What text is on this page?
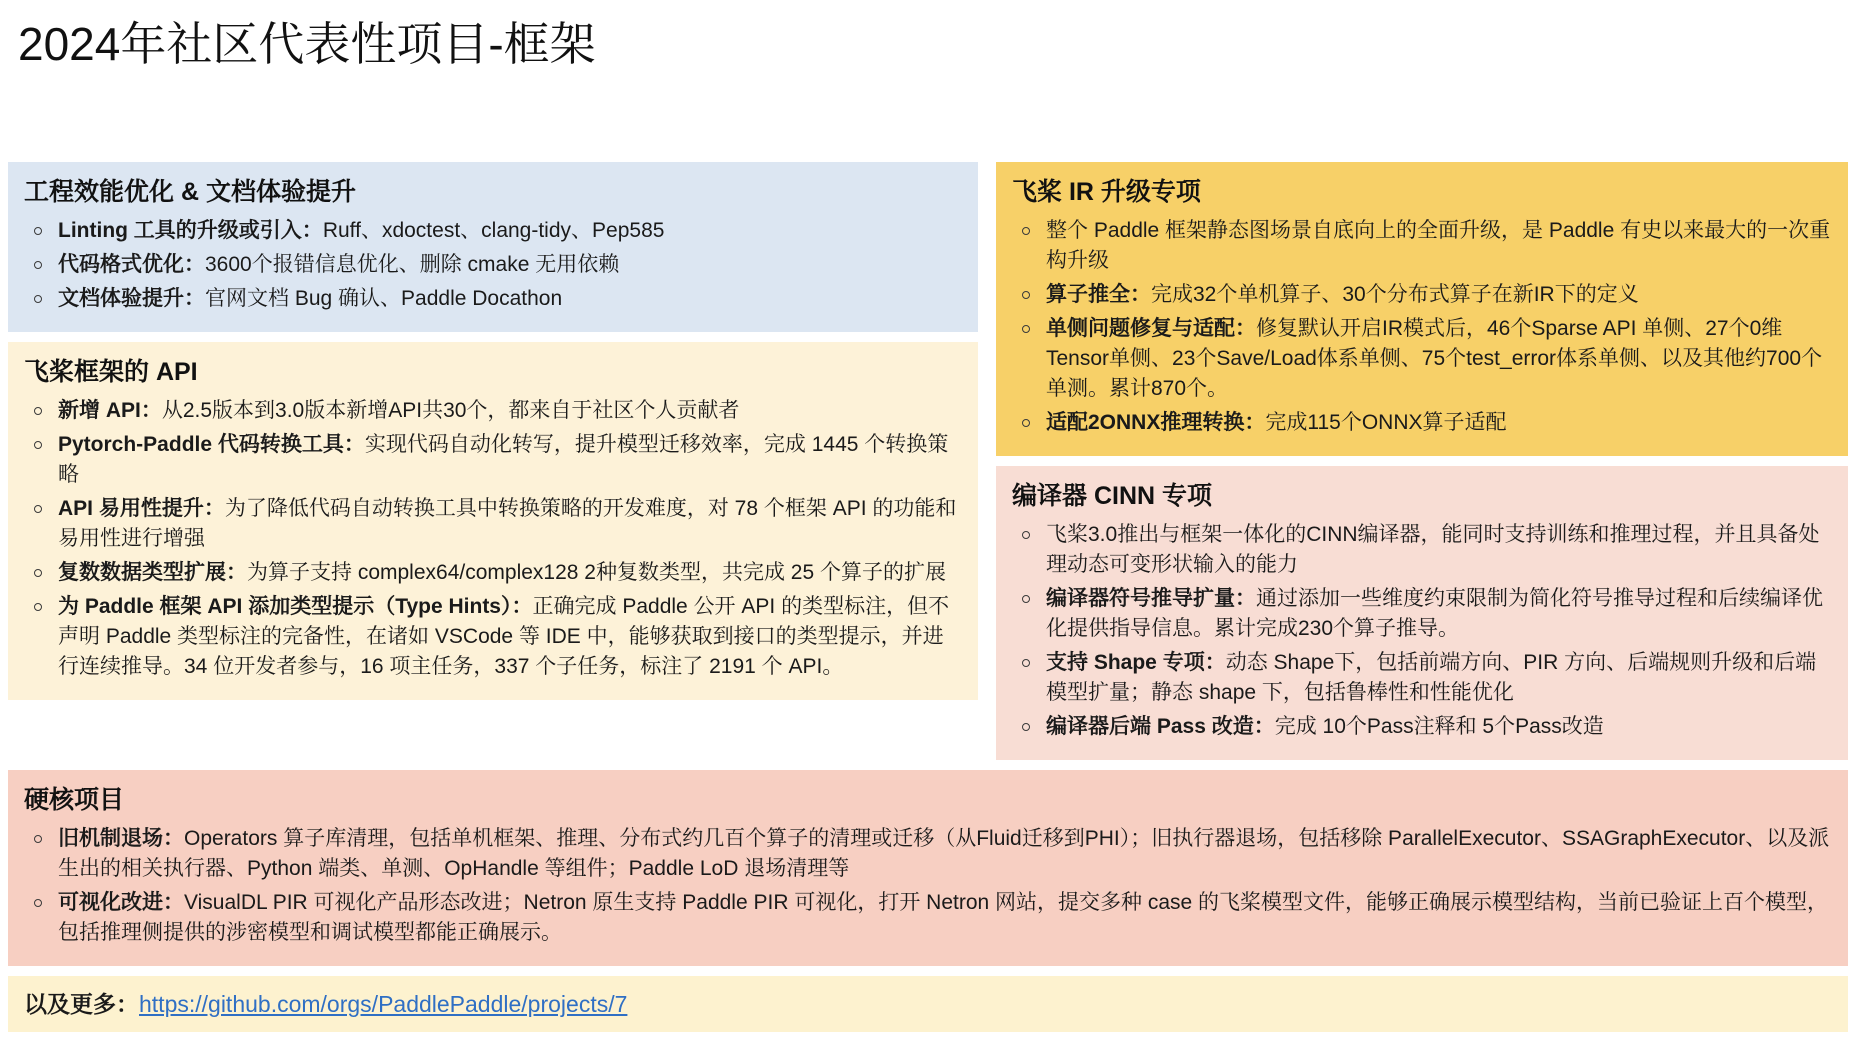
2024年社区代表性项目-框架
工程效能优化 & 文档体验提升
Linting 工具的升级或引入：Ruff、xdoctest、clang-tidy、Pep585
代码格式优化：3600个报错信息优化、删除 cmake 无用依赖
文档体验提升：官网文档 Bug 确认、Paddle Docathon
飞桨框架的 API
新增 API：从2.5版本到3.0版本新增API共30个，都来自于社区个人贡献者
Pytorch-Paddle 代码转换工具：实现代码自动化转写，提升模型迁移效率，完成 1445 个转换策略
API 易用性提升：为了降低代码自动转换工具中转换策略的开发难度，对 78 个框架 API 的功能和易用性进行增强
复数数据类型扩展：为算子支持 complex64/complex128 2种复数类型，共完成 25 个算子的扩展
为 Paddle 框架 API 添加类型提示（Type Hints）：正确完成 Paddle 公开 API 的类型标注，但不声明 Paddle 类型标注的完备性，在诸如 VSCode 等 IDE 中，能够获取到接口的类型提示，并进行连续推导。34 位开发者参与，16 项主任务，337 个子任务，标注了 2191 个 API。
飞桨 IR 升级专项
整个 Paddle 框架静态图场景自底向上的全面升级，是 Paddle 有史以来最大的一次重构升级
算子推全：完成32个单机算子、30个分布式算子在新IR下的定义
单侧问题修复与适配：修复默认开启IR模式后，46个Sparse API 单侧、27个0维Tensor单侧、23个Save/Load体系单侧、75个test_error体系单侧、以及其他约700个单测。累计870个。
适配2ONNX推理转换：完成115个ONNX算子适配
编译器 CINN 专项
飞桨3.0推出与框架一体化的CINN编译器，能同时支持训练和推理过程，并且具备处理动态可变形状输入的能力
编译器符号推导扩量：通过添加一些维度约束限制为简化符号推导过程和后续编译优化提供指导信息。累计完成230个算子推导。
支持 Shape 专项：动态 Shape下，包括前端方向、PIR 方向、后端规则升级和后端模型扩量；静态 shape 下，包括鲁棒性和性能优化
编译器后端 Pass 改造：完成 10个Pass注释和 5个Pass改造
硬核项目
旧机制退场：Operators 算子库清理，包括单机框架、推理、分布式约几百个算子的清理或迁移（从Fluid迁移到PHI）；旧执行器退场，包括移除 ParallelExecutor、SSAGraphExecutor、以及派生出的相关执行器、Python 端类、单测、OpHandle 等组件；Paddle LoD 退场清理等
可视化改进：VisualDL PIR 可视化产品形态改进；Netron 原生支持 Paddle PIR 可视化，打开 Netron 网站，提交多种 case 的飞桨模型文件，能够正确展示模型结构，当前已验证上百个模型，包括推理侧提供的涉密模型和调试模型都能正确展示。
以及更多：https://github.com/orgs/PaddlePaddle/projects/7
